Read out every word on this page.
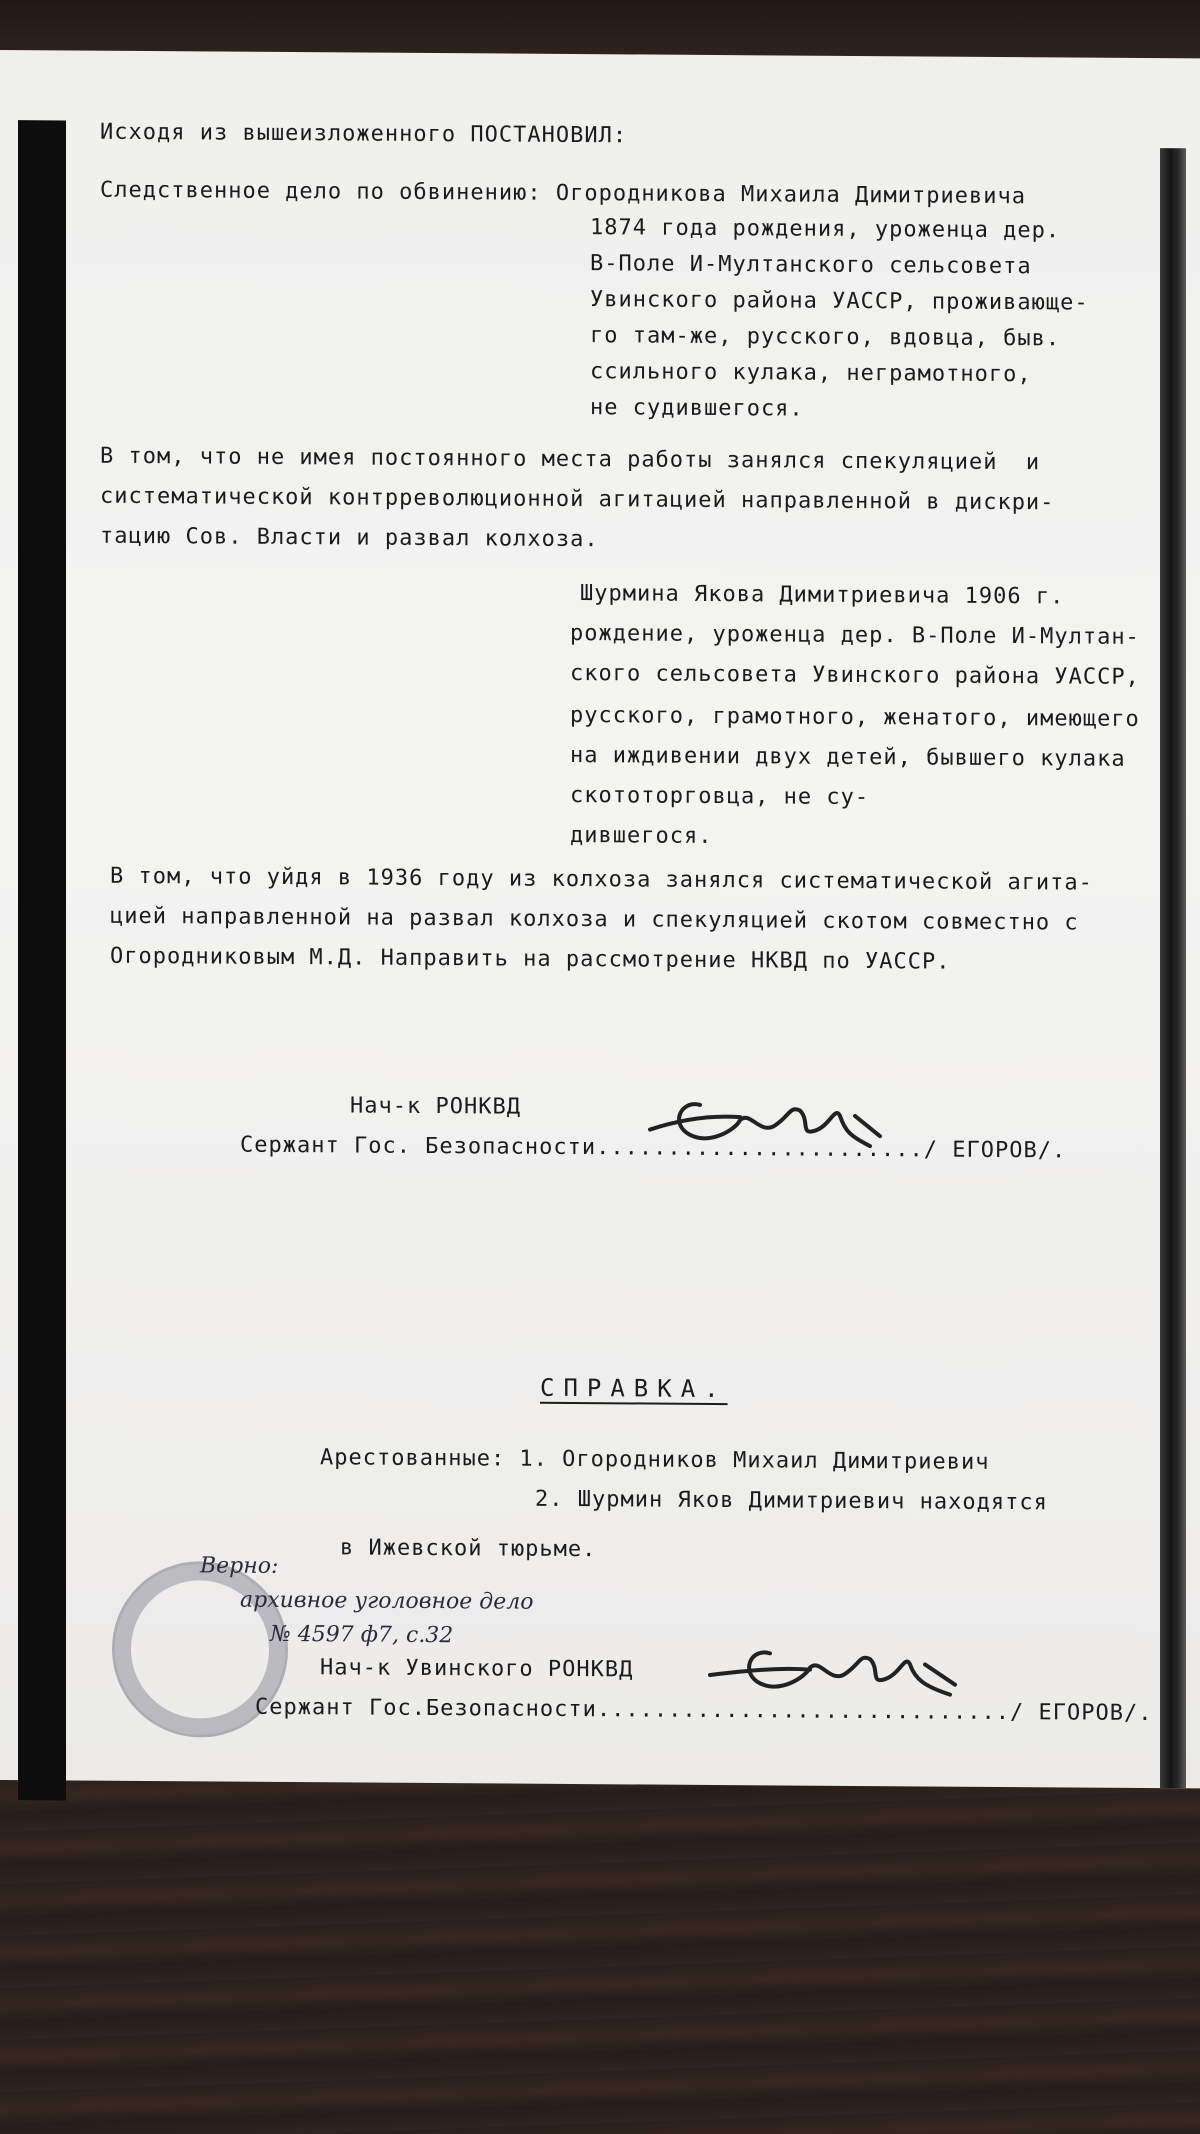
Исходя из вышеизложенного ПОСТАНОВИЛ:
Следственное дело по обвинению: Огородникова Михаила Димитриевича
1874 года рождения, уроженца дер.
В-Поле И-Мултанского сельсовета
Увинского района УАССР, проживающе-
го там-же, русского, вдовца, быв.
ссильного кулака, неграмотного,
не судившегося.
В том, что не имея постоянного места работы занялся спекуляцией  и
систематической контрреволюционной агитацией направленной в дискри-
тацию Сов. Власти и развал колхоза.
Шурмина Якова Димитриевича 1906 г.
рождение, уроженца дер. В-Поле И-Мултан-
ского сельсовета Увинского района УАССР,
русского, грамотного, женатого, имеющего
на иждивении двух детей, бывшего кулака
скототорговца, не су-
дившегося.
В том, что уйдя в 1936 году из колхоза занялся систематической агита-
цией направленной на развал колхоза и спекуляцией скотом совместно с
Огородниковым М.Д. Направить на рассмотрение НКВД по УАССР.
Нач-к РОНКВД
Сержант Гос. Безопасности......................./ ЕГОРОВ/.
СПРАВКА.
Арестованные: 1. Огородников Михаил Димитриевич
2. Шурмин Яков Димитриевич находятся
в Ижевской тюрьме.
Верно:
архивное уголовное дело
№ 4597 ф7, с.32
Нач-к Увинского РОНКВД
Сержант Гос.Безопасности............................./ ЕГОРОВ/.
